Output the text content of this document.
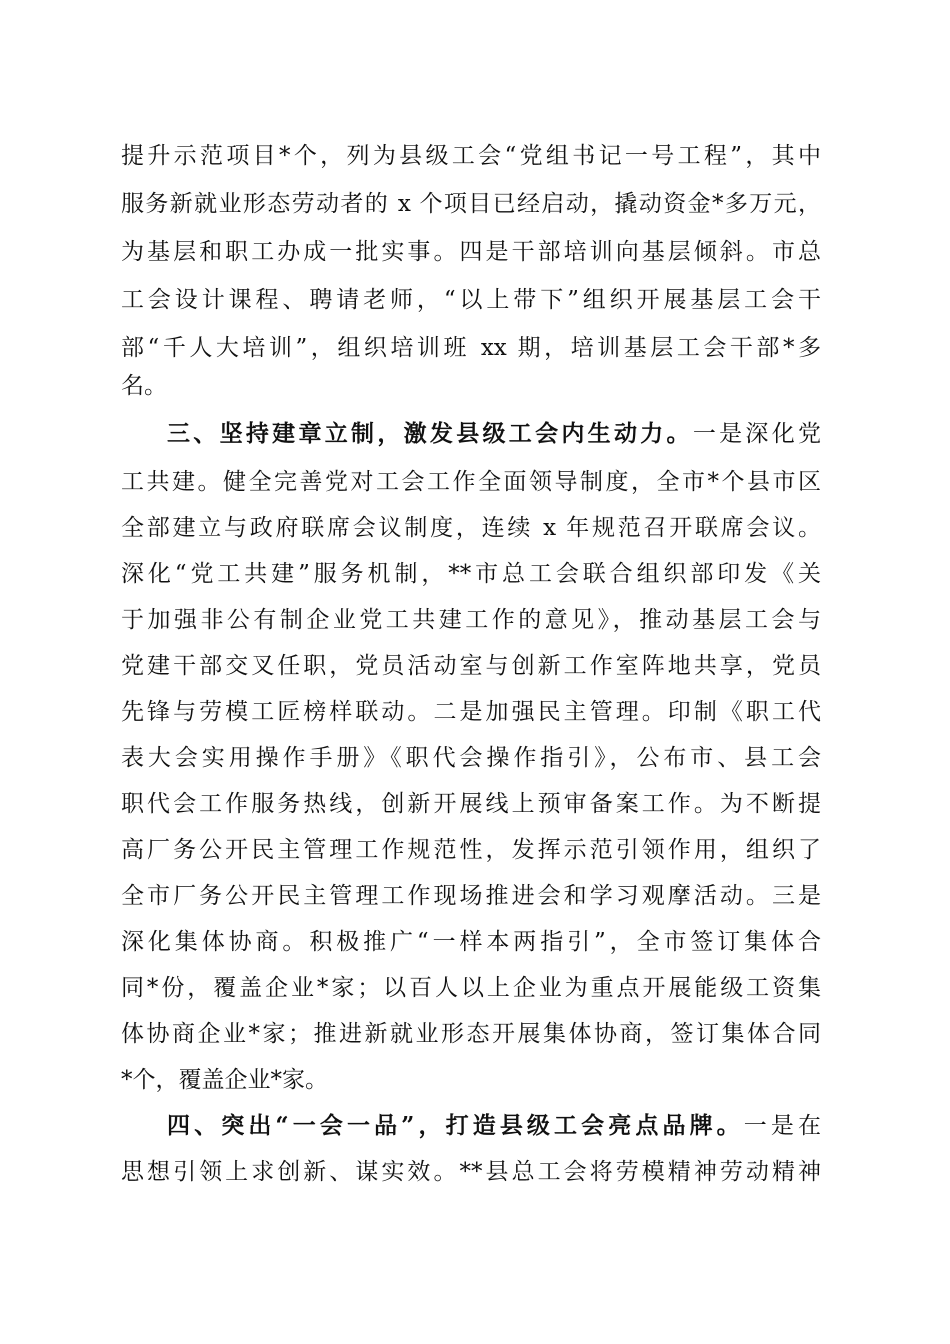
提升示范项目*个，列为县级工会“党组书记一号工程”，其中
服务新就业形态劳动者的 x 个项目已经启动，撬动资金*多万元，
为基层和职工办成一批实事。四是干部培训向基层倾斜。市总
工会设计课程、聘请老师，“以上带下”组织开展基层工会干
部“千人大培训”，组织培训班 xx 期，培训基层工会干部*多
名。
三、坚持建章立制，激发县级工会内生动力。一是深化党
工共建。健全完善党对工会工作全面领导制度，全市*个县市区
全部建立与政府联席会议制度，连续 x 年规范召开联席会议。
深化“党工共建”服务机制，**市总工会联合组织部印发《关
于加强非公有制企业党工共建工作的意见》，推动基层工会与
党建干部交叉任职，党员活动室与创新工作室阵地共享，党员
先锋与劳模工匠榜样联动。二是加强民主管理。印制《职工代
表大会实用操作手册》《职代会操作指引》，公布市、县工会
职代会工作服务热线，创新开展线上预审备案工作。为不断提
高厂务公开民主管理工作规范性，发挥示范引领作用，组织了
全市厂务公开民主管理工作现场推进会和学习观摩活动。三是
深化集体协商。积极推广“一样本两指引”，全市签订集体合
同*份，覆盖企业*家；以百人以上企业为重点开展能级工资集
体协商企业*家；推进新就业形态开展集体协商，签订集体合同
*个，覆盖企业*家。
四、突出“一会一品”，打造县级工会亮点品牌。一是在
思想引领上求创新、谋实效。**县总工会将劳模精神劳动精神
